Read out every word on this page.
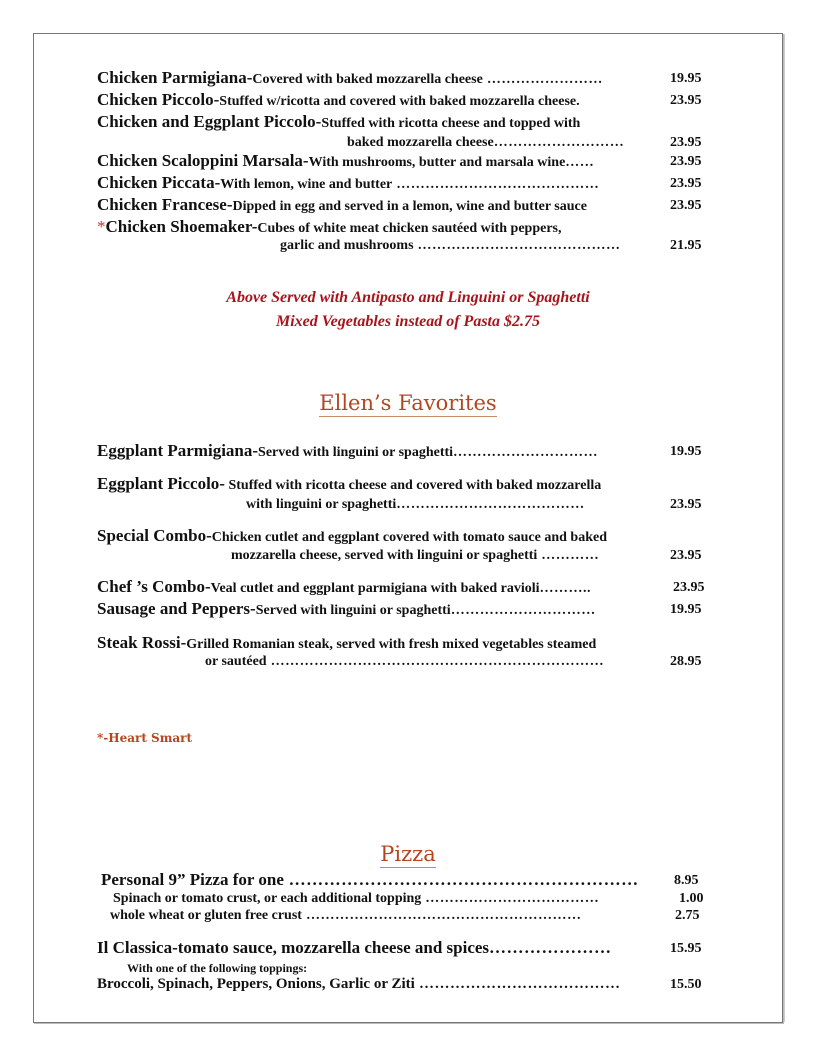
Chicken Parmigiana-Covered with baked mozzarella cheese ……………………	19.95
Chicken Piccolo-Stuffed w/ricotta and covered with baked mozzarella cheese.	23.95
Chicken and Eggplant Piccolo-Stuffed with ricotta cheese and topped with
baked mozzarella cheese………………………	23.95
Chicken Scaloppini Marsala-With mushrooms, butter and marsala wine……	23.95
Chicken Piccata-With lemon, wine and butter ……………………………………	23.95
Chicken Francese-Dipped in egg and served in a lemon, wine and butter sauce	23.95
*Chicken Shoemaker-Cubes of white meat chicken sautéed with peppers,
garlic and mushrooms ……………………………………	21.95
Above Served with Antipasto and Linguini or Spaghetti
Mixed Vegetables instead of Pasta $2.75
Ellen’s Favorites
Eggplant Parmigiana-Served with linguini or spaghetti…………………………	19.95
Eggplant Piccolo- Stuffed with ricotta cheese and covered with baked mozzarella
with linguini or spaghetti…………………………………	23.95
Special Combo-Chicken cutlet and eggplant covered with tomato sauce and baked
mozzarella cheese, served with linguini or spaghetti …………	23.95
Chef ’s Combo-Veal cutlet and eggplant parmigiana with baked ravioli………..	23.95
Sausage and Peppers-Served with linguini or spaghetti…………………………	19.95
Steak Rossi-Grilled Romanian steak, served with fresh mixed vegetables steamed
or sautéed ……………………………………………………………	28.95
*-Heart Smart
Pizza
Personal 9” Pizza for one ……………………………………………………	8.95
Spinach or tomato crust, or each additional topping ………………………………	1.00
whole wheat or gluten free crust …………………………………………………	2.75
Il Classica-tomato sauce, mozzarella cheese and spices…………………	15.95
With one of the following toppings:
Broccoli, Spinach, Peppers, Onions, Garlic or Ziti …………………………………	15.50
